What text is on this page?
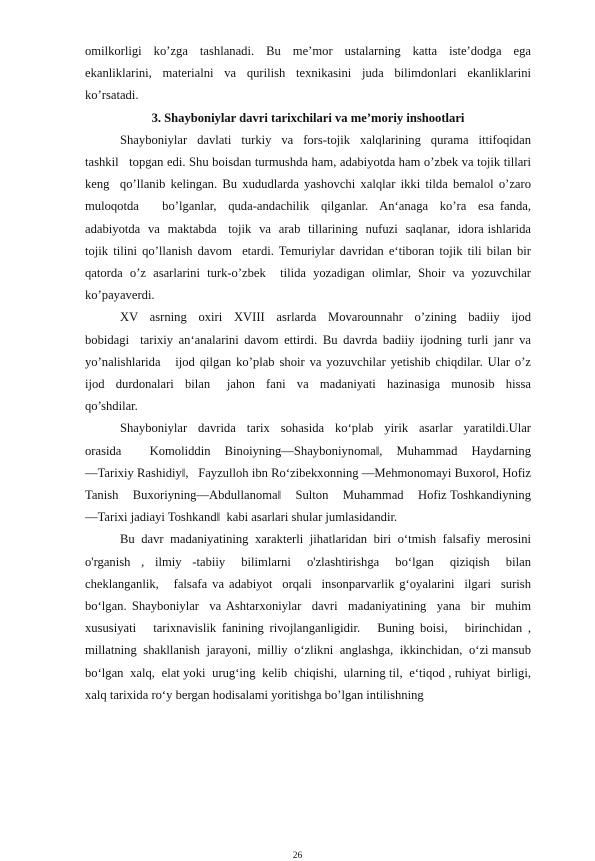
omilkorligi  ko’zga  tashlanadi.  Bu  me’mor  ustalarning  katta  iste’dodga  ega ekanliklarini,  materialni  va  qurilish  texnikasini  juda  bilimdonlari  ekanliklarini ko’rsatadi.

3. Shayboniylar davri tarixchilari va me’moriy inshootlari

Shayboniylar  davlati  turkiy  va  fors-tojik  xalqlarining  qurama  ittifoqidan tashkil   topgan edi. Shu boisdan turmushda ham, adabiyotda ham o’zbek va tojik tillari keng  qo’llanib kelingan. Bu xududlarda yashovchi xalqlar ikki tilda bemalol o’zaro  muloqotda    bo’lganlar,  quda-andachilik  qilganlar.  An‘anaga  ko’ra  esa fanda,  adabiyotda  va  maktabda   tojik  va  arab  tillarining  nufuzi  saqlanar,  idora ishlarida tojik tilini qo’llanish davom  etardi. Temuriylar davridan e‘tiboran tojik tili bilan bir qatorda o’z asarlarini turk-o’zbek  tilida yozadigan olimlar, Shoir va yozuvchilar ko’payaverdi.

XV  asrning  oxiri  XVIII  asrlarda  Movarounnahr  o’zining  badiiy  ijod bobidagi  tarixiy an‘analarini davom ettirdi. Bu davrda badiiy ijodning turli janr va yo’nalishlarida   ijod qilgan ko’plab shoir va yozuvchilar yetishib chiqdilar. Ular o’z  ijod  durdonalari  bilan   jahon  fani  va  madaniyati  hazinasiga  munosib  hissa qo’shdilar.

Shayboniylar  davrida  tarix  sohasida  ko‘plab  yirik  asarlar  yaratildi.Ular orasida    Komoliddin  Binoiyning―Shayboniynoma‖,  Muhammad  Haydarning ―Tarixiy Rashidiy‖,   Fayzulloh ibn Ro‘zibekxonning ―Mehmonomayi Buxoro‖, Hofiz    Tanish    Buxoriyning―Abdullanoma‖    Sulton    Muhammad    Hofiz Toshkandiyning ―Tarixi jadiayi Toshkand‖  kabi asarlari shular jumlasidandir.

Bu davr madaniyatining xarakterli jihatlaridan biri o‘tmish falsafiy merosini o'rganish  ,  ilmiy  -tabiiy   bilimlarni   o'zlashtirishga   bo‘lgan   qiziqish   bilan cheklanganlik,   falsafa va adabiyot  orqali  insonparvarlik g‘oyalarini  ilgari  surish bo‘lgan. Shayboniylar  va Ashtarxoniylar  davri  madaniyatining  yana  bir  muhim xususiyati   tarixnavislik fanining rivojlanganligidir.   Buning boisi,   birinchidan , millatning  shakllanish  jarayoni,  milliy  o‘zlikni  anglashga,  ikkinchidan,  o‘zi mansub  bo‘lgan  xalq,  elat yoki  urug‘ing  kelib  chiqishi,  ularning til,  e‘tiqod , ruhiyat  birligi, xalq tarixida ro‘y bergan hodisalami yoritishga bo’lgan intilishning

26
